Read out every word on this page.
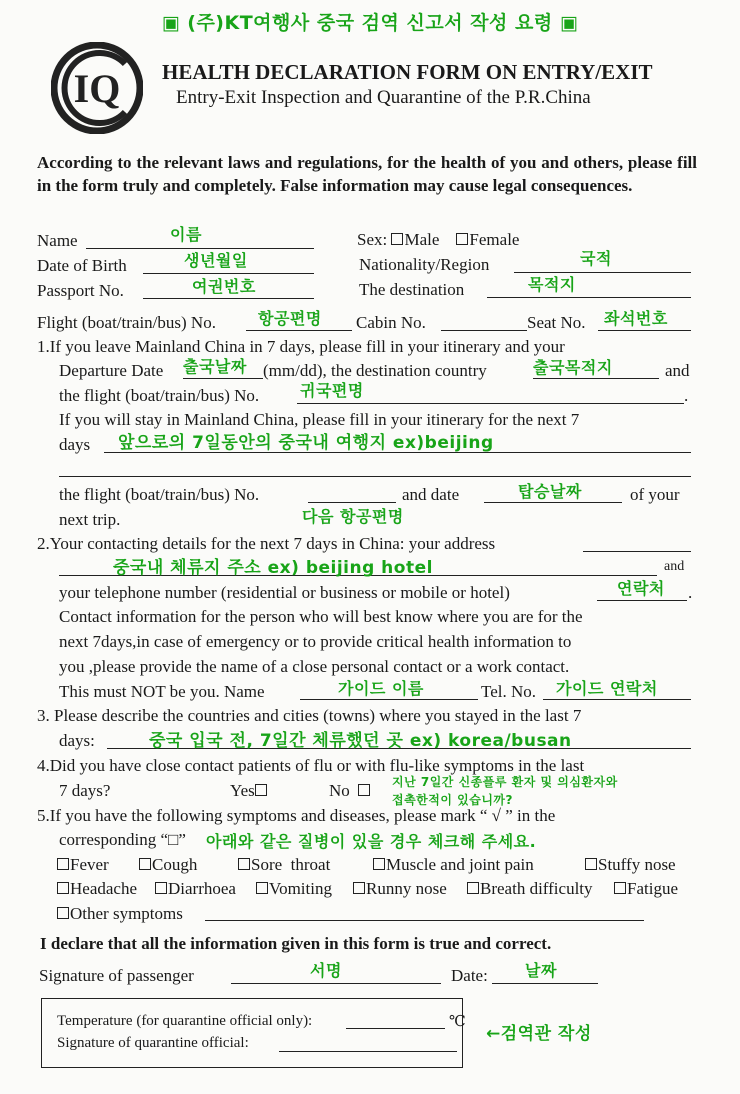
▣ (주)KT여행사 중국 검역 신고서 작성 요령 ▣
IQ HEALTH DECLARATION FORM ON ENTRY/EXIT
Entry-Exit Inspection and Quarantine of the P.R.China
According to the relevant laws and regulations, for the health of you and others, please fill in the form truly and completely. False information may cause legal consequences.
Name	이름	Sex: Male Female
Date of Birth	생년월일	Nationality/Region	국적
Passport No.	여권번호	The destination	목적지
Flight (boat/train/bus) No.	항공편명 Cabin No.	Seat No. 좌석번호
1.If you leave Mainland China in 7 days, please fill in your itinerary and your
Departure Date 출국날짜 (mm/dd), the destination country	출국목적지	and
the flight (boat/train/bus) No.	귀국편명	.
If you will stay in Mainland China, please fill in your itinerary for the next 7
days 앞으로의 7일동안의 중국내 여행지 ex)beijing
the flight (boat/train/bus) No.	and date	탑승날짜	of your
next trip.	다음 항공편명
2.Your contacting details for the next 7 days in China: your address
중국내 체류지 주소 ex) beijing hotel	and
your telephone number (residential or business or mobile or hotel)	연락처 .
Contact information for the person who will best know where you are for the
next 7days,in case of emergency or to provide critical health information to
you ,please provide the name of a close personal contact or a work contact.
This must NOT be you. Name	가이드 이름	Tel. No. 가이드 연락처
3. Please describe the countries and cities (towns) where you stayed in the last 7
days:	중국 입국 전, 7일간 체류했던 곳 ex) korea/busan
4.Did you have close contact patients of flu or with flu-like symptoms in the last
7 days?	Yes	No	지난 7일간 신종플루 환자 및 의심환자와
접촉한적이 있습니까?
5.If you have the following symptoms and diseases, please mark “ √ ” in the
corresponding “□” 아래와 같은 질병이 있을 경우 체크해 주세요.
Fever	Cough	Sore  throat	Muscle and joint pain	Stuffy nose
Headache	Diarrhoea	Vomiting	Runny nose	Breath difficulty	Fatigue
Other symptoms
I declare that all the information given in this form is true and correct.
Signature of passenger	서명	Date: 날짜
Temperature (for quarantine official only):	℃
Signature of quarantine official:	←검역관 작성
